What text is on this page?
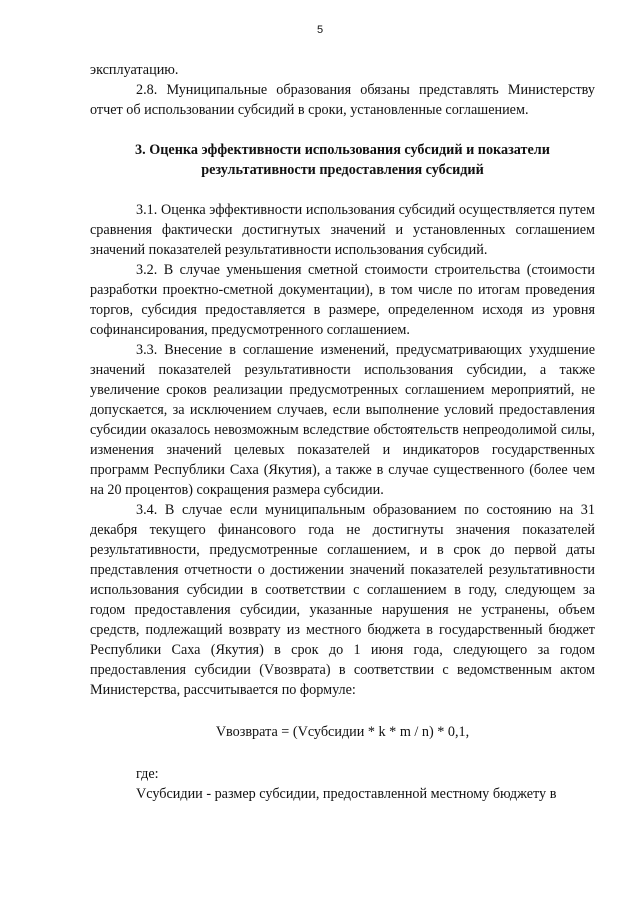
5

эксплуатацию.

2.8. Муниципальные образования обязаны представлять Министерству отчет об использовании субсидий в сроки, установленные соглашением.

3. Оценка эффективности использования субсидий и показатели
результативности предоставления субсидий

3.1. Оценка эффективности использования субсидий осуществляется путем сравнения фактически достигнутых значений и установленных соглашением значений показателей результативности использования субсидий.

3.2. В случае уменьшения сметной стоимости строительства (стоимости разработки проектно-сметной документации), в том числе по итогам проведения торгов, субсидия предоставляется в размере, определенном исходя из уровня софинансирования, предусмотренного соглашением.

3.3. Внесение в соглашение изменений, предусматривающих ухудшение значений показателей результативности использования субсидии, а также увеличение сроков реализации предусмотренных соглашением мероприятий, не допускается, за исключением случаев, если выполнение условий предоставления субсидии оказалось невозможным вследствие обстоятельств непреодолимой силы, изменения значений целевых показателей и индикаторов государственных программ Республики Саха (Якутия), а также в случае существенного (более чем на 20 процентов) сокращения размера субсидии.

3.4. В случае если муниципальным образованием по состоянию на 31 декабря текущего финансового года не достигнуты значения показателей результативности, предусмотренные соглашением, и в срок до первой даты представления отчетности о достижении значений показателей результативности использования субсидии в соответствии с соглашением в году, следующем за годом предоставления субсидии, указанные нарушения не устранены, объем средств, подлежащий возврату из местного бюджета в государственный бюджет Республики Саха (Якутия) в срок до 1 июня года, следующего за годом предоставления субсидии (Vвозврата) в соответствии с ведомственным актом Министерства, рассчитывается по формуле:

Vвозврата = (Vсубсидии * k * m / n) * 0,1,

где:

Vсубсидии - размер субсидии, предоставленной местному бюджету в
